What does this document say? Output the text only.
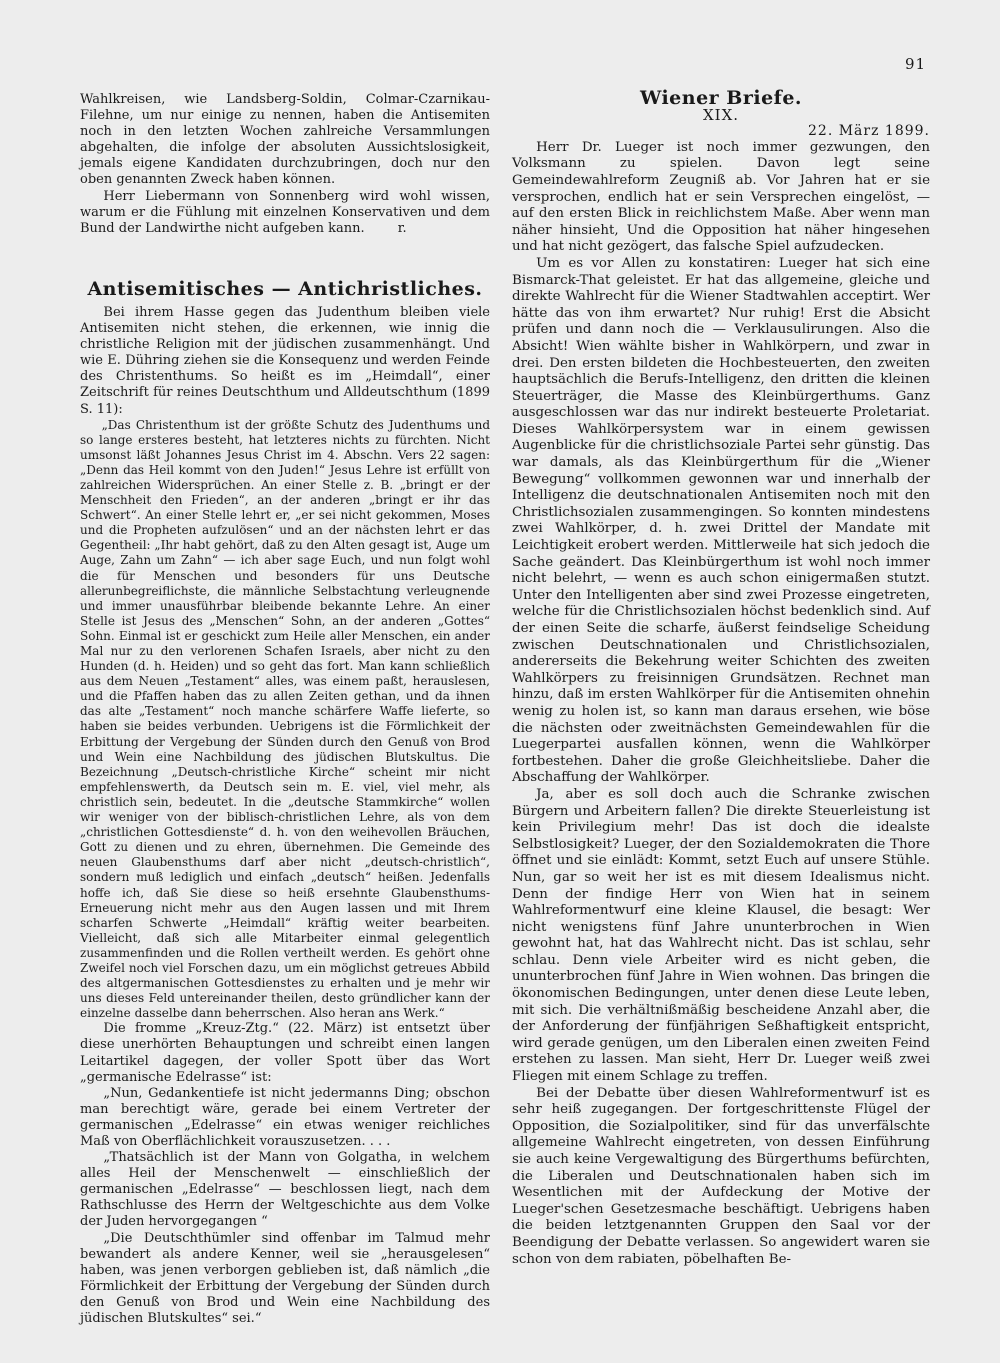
91

Wahlkreisen, wie Landsberg-Soldin, Colmar-Czarnikau-Filehne, um nur einige zu nennen, haben die Antisemiten noch in den letzten Wochen zahlreiche Versammlungen abgehalten, die infolge der absoluten Aussichtslosigkeit, jemals eigene Kandidaten durchzubringen, doch nur den oben genannten Zweck haben können.

Herr Liebermann von Sonnenberg wird wohl wissen, warum er die Fühlung mit einzelnen Konservativen und dem Bund der Landwirthe nicht aufgeben kann.	r.

Antisemitisches — Antichristliches.

Bei ihrem Hasse gegen das Judenthum bleiben viele Antisemiten nicht stehen, die erkennen, wie innig die christliche Religion mit der jüdischen zusammenhängt. Und wie E. Dühring ziehen sie die Konsequenz und werden Feinde des Christenthums. So heißt es im „Heimdall“, einer Zeitschrift für reines Deutschthum und Alldeutschthum (1899 S. 11):

„Das Christenthum ist der größte Schutz des Judenthums und so lange ersteres besteht, hat letzteres nichts zu fürchten. Nicht umsonst läßt Johannes Jesus Christ im 4. Abschn. Vers 22 sagen: „Denn das Heil kommt von den Juden!“ Jesus Lehre ist erfüllt von zahlreichen Widersprüchen. An einer Stelle z. B. „bringt er der Menschheit den Frieden“, an der anderen „bringt er ihr das Schwert“. An einer Stelle lehrt er, „er sei nicht gekommen, Moses und die Propheten aufzulösen“ und an der nächsten lehrt er das Gegentheil: „Ihr habt gehört, daß zu den Alten gesagt ist, Auge um Auge, Zahn um Zahn“ — ich aber sage Euch, und nun folgt wohl die für Menschen und besonders für uns Deutsche allerunbegreiflichste, die männliche Selbstachtung verleugnende und immer unausführbar bleibende bekannte Lehre. An einer Stelle ist Jesus des „Menschen“ Sohn, an der anderen „Gottes“ Sohn. Einmal ist er geschickt zum Heile aller Menschen, ein ander Mal nur zu den verlorenen Schafen Israels, aber nicht zu den Hunden (d. h. Heiden) und so geht das fort. Man kann schließlich aus dem Neuen „Testament“ alles, was einem paßt, herauslesen, und die Pfaffen haben das zu allen Zeiten gethan, und da ihnen das alte „Testament“ noch manche schärfere Waffe lieferte, so haben sie beides verbunden. Uebrigens ist die Förmlichkeit der Erbittung der Vergebung der Sünden durch den Genuß von Brod und Wein eine Nachbildung des jüdischen Blutskultus. Die Bezeichnung „Deutsch-christliche Kirche“ scheint mir nicht empfehlenswerth, da Deutsch sein m. E. viel, viel mehr, als christlich sein, bedeutet. In die „deutsche Stammkirche“ wollen wir weniger von der biblisch-christlichen Lehre, als von dem „christlichen Gottesdienste“ d. h. von den weihevollen Bräuchen, Gott zu dienen und zu ehren, übernehmen. Die Gemeinde des neuen Glaubensthums darf aber nicht „deutsch-christlich“, sondern muß lediglich und einfach „deutsch“ heißen. Jedenfalls hoffe ich, daß Sie diese so heiß ersehnte Glaubensthums-Erneuerung nicht mehr aus den Augen lassen und mit Ihrem scharfen Schwerte „Heimdall“ kräftig weiter bearbeiten. Vielleicht, daß sich alle Mitarbeiter einmal gelegentlich zusammenfinden und die Rollen vertheilt werden. Es gehört ohne Zweifel noch viel Forschen dazu, um ein möglichst getreues Abbild des altgermanischen Gottesdienstes zu erhalten und je mehr wir uns dieses Feld untereinander theilen, desto gründlicher kann der einzelne dasselbe dann beherrschen. Also heran ans Werk.“

Die fromme „Kreuz-Ztg.“ (22. März) ist entsetzt über diese unerhörten Behauptungen und schreibt einen langen Leitartikel dagegen, der voller Spott über das Wort „germanische Edelrasse“ ist:

„Nun, Gedankentiefe ist nicht jedermanns Ding; obschon man berechtigt wäre, gerade bei einem Vertreter der germanischen „Edelrasse“ ein etwas weniger reichliches Maß von Oberflächlichkeit vorauszusetzen. . . .

„Thatsächlich ist der Mann von Golgatha, in welchem alles Heil der Menschenwelt — einschließlich der germanischen „Edelrasse“ — beschlossen liegt, nach dem Rathschlusse des Herrn der Weltgeschichte aus dem Volke der Juden hervorgegangen “

„Die Deutschthümler sind offenbar im Talmud mehr bewandert als andere Kenner, weil sie „herausgelesen“ haben, was jenen verborgen geblieben ist, daß nämlich „die Förmlichkeit der Erbittung der Vergebung der Sünden durch den Genuß von Brod und Wein eine Nachbildung des jüdischen Blutskultes“ sei.“

Wiener Briefe.

XIX.

22. März 1899.

Herr Dr. Lueger ist noch immer gezwungen, den Volksmann zu spielen. Davon legt seine Gemeindewahlreform Zeugniß ab. Vor Jahren hat er sie versprochen, endlich hat er sein Versprechen eingelöst, — auf den ersten Blick in reichlichstem Maße. Aber wenn man näher hinsieht, Und die Opposition hat näher hingesehen und hat nicht gezögert, das falsche Spiel aufzudecken.

Um es vor Allen zu konstatiren: Lueger hat sich eine Bismarck-That geleistet. Er hat das allgemeine, gleiche und direkte Wahlrecht für die Wiener Stadtwahlen acceptirt. Wer hätte das von ihm erwartet? Nur ruhig! Erst die Absicht prüfen und dann noch die — Verklausulirungen. Also die Absicht! Wien wählte bisher in Wahlkörpern, und zwar in drei. Den ersten bildeten die Hochbesteuerten, den zweiten hauptsächlich die Berufs-Intelligenz, den dritten die kleinen Steuerträger, die Masse des Kleinbürgerthums. Ganz ausgeschlossen war das nur indirekt besteuerte Proletariat. Dieses Wahlkörpersystem war in einem gewissen Augenblicke für die christlichsoziale Partei sehr günstig. Das war damals, als das Kleinbürgerthum für die „Wiener Bewegung“ vollkommen gewonnen war und innerhalb der Intelligenz die deutschnationalen Antisemiten noch mit den Christlichsozialen zusammengingen. So konnten mindestens zwei Wahlkörper, d. h. zwei Drittel der Mandate mit Leichtigkeit erobert werden. Mittlerweile hat sich jedoch die Sache geändert. Das Kleinbürgerthum ist wohl noch immer nicht belehrt, — wenn es auch schon einigermaßen stutzt. Unter den Intelligenten aber sind zwei Prozesse eingetreten, welche für die Christlichsozialen höchst bedenklich sind. Auf der einen Seite die scharfe, äußerst feindselige Scheidung zwischen Deutschnationalen und Christlichsozialen, andererseits die Bekehrung weiter Schichten des zweiten Wahlkörpers zu freisinnigen Grundsätzen. Rechnet man hinzu, daß im ersten Wahlkörper für die Antisemiten ohnehin wenig zu holen ist, so kann man daraus ersehen, wie böse die nächsten oder zweitnächsten Gemeindewahlen für die Luegerpartei ausfallen können, wenn die Wahlkörper fortbestehen. Daher die große Gleichheitsliebe. Daher die Abschaffung der Wahlkörper.

Ja, aber es soll doch auch die Schranke zwischen Bürgern und Arbeitern fallen? Die direkte Steuerleistung ist kein Privilegium mehr! Das ist doch die idealste Selbstlosigkeit? Lueger, der den Sozialdemokraten die Thore öffnet und sie einlädt: Kommt, setzt Euch auf unsere Stühle. Nun, gar so weit her ist es mit diesem Idealismus nicht. Denn der findige Herr von Wien hat in seinem Wahlreformentwurf eine kleine Klausel, die besagt: Wer nicht wenigstens fünf Jahre ununterbrochen in Wien gewohnt hat, hat das Wahlrecht nicht. Das ist schlau, sehr schlau. Denn viele Arbeiter wird es nicht geben, die ununterbrochen fünf Jahre in Wien wohnen. Das bringen die ökonomischen Bedingungen, unter denen diese Leute leben, mit sich. Die verhältnißmäßig bescheidene Anzahl aber, die der Anforderung der fünfjährigen Seßhaftigkeit entspricht, wird gerade genügen, um den Liberalen einen zweiten Feind erstehen zu lassen. Man sieht, Herr Dr. Lueger weiß zwei Fliegen mit einem Schlage zu treffen.

Bei der Debatte über diesen Wahlreformentwurf ist es sehr heiß zugegangen. Der fortgeschrittenste Flügel der Opposition, die Sozialpolitiker, sind für das unverfälschte allgemeine Wahlrecht eingetreten, von dessen Einführung sie auch keine Vergewaltigung des Bürgerthums befürchten, die Liberalen und Deutschnationalen haben sich im Wesentlichen mit der Aufdeckung der Motive der Lueger'schen Gesetzesmache beschäftigt. Uebrigens haben die beiden letztgenannten Gruppen den Saal vor der Beendigung der Debatte verlassen. So angewidert waren sie schon von dem rabiaten, pöbelhaften Be-
